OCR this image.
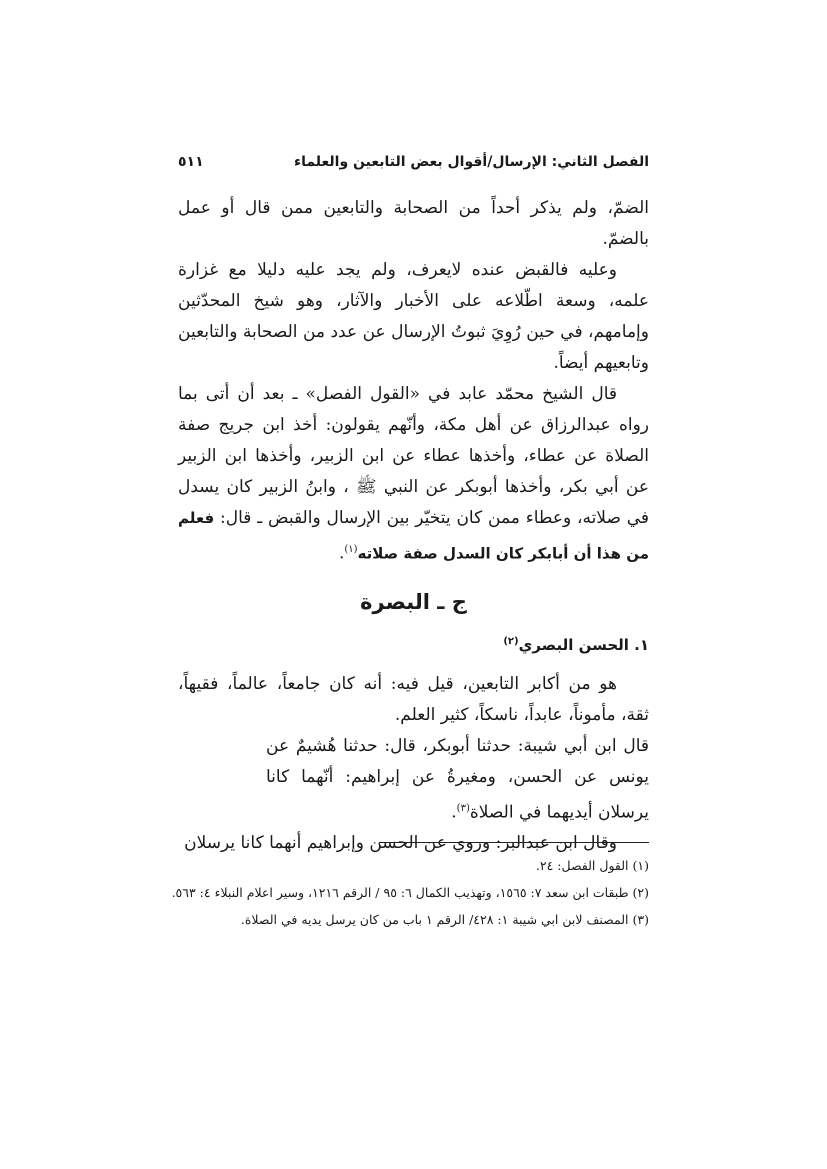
الفصل الثاني: الإرسال/أقوال بعض التابعين والعلماء
٥١١

الضمّ، ولم يذكر أحداً من الصحابة والتابعين ممن قال أو عمل بالضمّ.

وعليه فالقبض عنده لايعرف، ولم يجد عليه دليلا مع غزارة علمه، وسعة اطّلاعه على الأخبار والآثار، وهو شيخ المحدّثين وإمامهم، في حين رُوِيَ ثبوتُ الإرسال عن عدد من الصحابة والتابعين وتابعيهم أيضاً.

قال الشيخ محمّد عابد في «القول الفصل» ـ بعد أن أتى بما رواه عبدالرزاق عن أهل مكة، وأنّهم يقولون: أخذ ابن جريج صفة الصلاة عن عطاء، وأخذها عطاء عن ابن الزبير، وأخذها ابن الزبير عن أبي بكر، وأخذها أبوبكر عن النبي ﷺ ، وابنُ الزبير كان يسدل في صلاته، وعطاء ممن كان يتخيّر بين الإرسال والقبض ـ قال: فعلم من هذا أن أبابكر كان السدل صفة صلاته$^{(١)}$.

ج ـ البصرة
١. الحسن البصري$^{(٢)}$

هو من أكابر التابعين، قيل فيه: أنه كان جامعاً، عالماً، فقيهاً، ثقة، مأموناً، عابداً، ناسكاً، كثير العلم.

قال ابن أبي شيبة: حدثنا أبوبكر، قال: حدثنا هُشيمٌ عن يونس عن الحسن، ومغيرةُ عن إبراهيم: أنّهما كانا يرسلان أيديهما في الصلاة$^{(٣)}$.

وقال ابن عبدالبر: وروي عن الحسن وإبراهيم أنهما كانا يرسلان

(١) القول الفصل: ٢٤.
(٢) طبقات ابن سعد ٧: ١٥٦٥، وتهذيب الكمال ٦: ٩٥ / الرقم ١٢١٦، وسير اعلام النبلاء ٤: ٥٦٣.
(٣) المصنف لابن ابي شيبة ١: ٤٢٨/ الرقم ١ باب من كان يرسل يديه في الصلاة.
